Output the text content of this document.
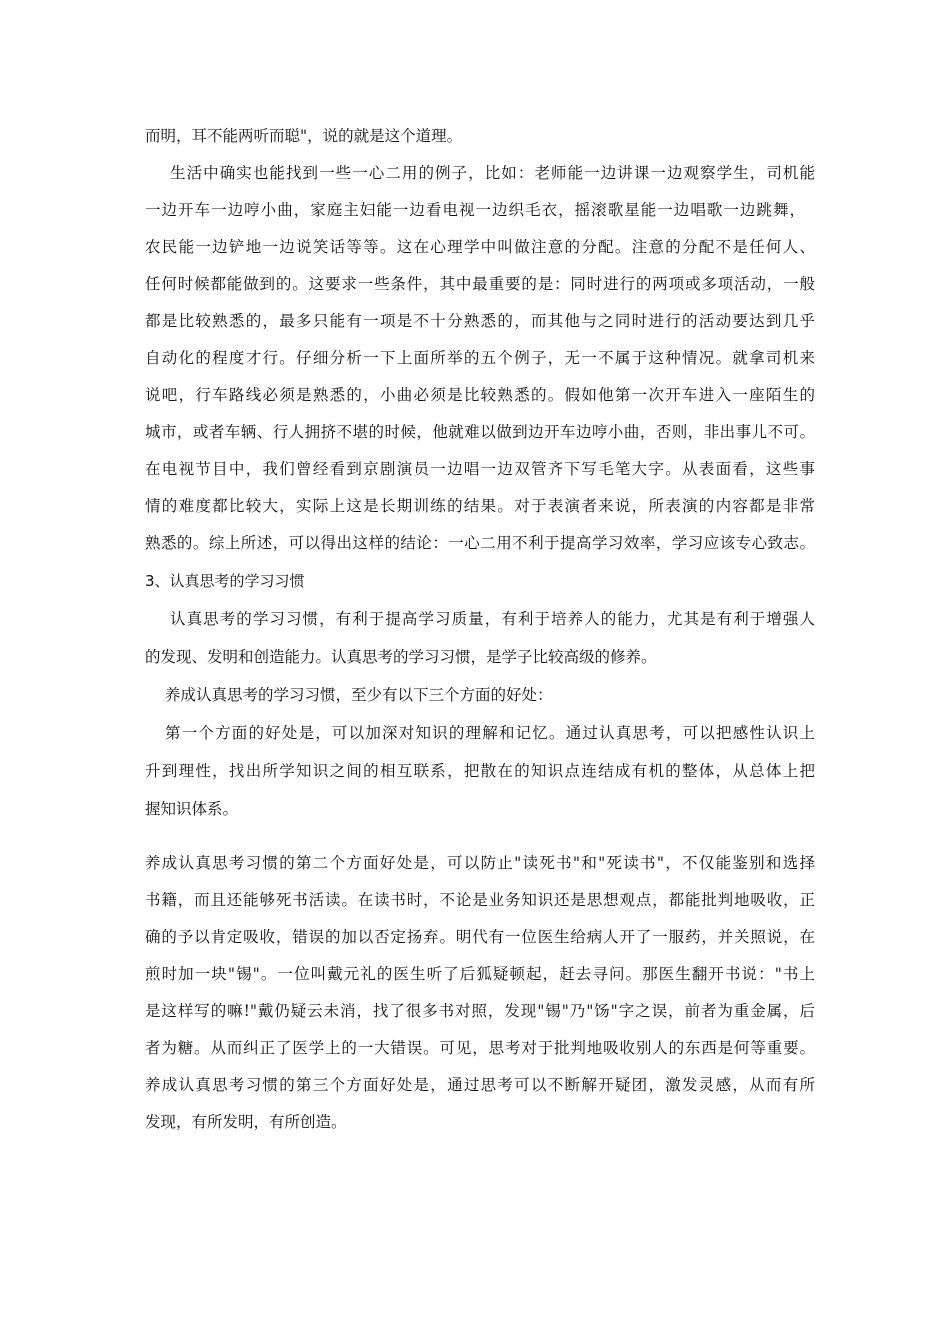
而明，耳不能两听而聪"，说的就是这个道理。
生活中确实也能找到一些一心二用的例子，比如：老师能一边讲课一边观察学生，司机能
一边开车一边哼小曲，家庭主妇能一边看电视一边织毛衣，摇滚歌星能一边唱歌一边跳舞，
农民能一边铲地一边说笑话等等。这在心理学中叫做注意的分配。注意的分配不是任何人、
任何时候都能做到的。这要求一些条件，其中最重要的是：同时进行的两项或多项活动，一般
都是比较熟悉的，最多只能有一项是不十分熟悉的，而其他与之同时进行的活动要达到几乎
自动化的程度才行。仔细分析一下上面所举的五个例子，无一不属于这种情况。就拿司机来
说吧，行车路线必须是熟悉的，小曲必须是比较熟悉的。假如他第一次开车进入一座陌生的
城市，或者车辆、行人拥挤不堪的时候，他就难以做到边开车边哼小曲，否则，非出事儿不可。
在电视节目中，我们曾经看到京剧演员一边唱一边双管齐下写毛笔大字。从表面看，这些事
情的难度都比较大，实际上这是长期训练的结果。对于表演者来说，所表演的内容都是非常
熟悉的。综上所述，可以得出这样的结论：一心二用不利于提高学习效率，学习应该专心致志。
3、认真思考的学习习惯
认真思考的学习习惯，有利于提高学习质量，有利于培养人的能力，尤其是有利于增强人
的发现、发明和创造能力。认真思考的学习习惯，是学子比较高级的修养。
养成认真思考的学习习惯，至少有以下三个方面的好处：
第一个方面的好处是，可以加深对知识的理解和记忆。通过认真思考，可以把感性认识上
升到理性，找出所学知识之间的相互联系，把散在的知识点连结成有机的整体，从总体上把
握知识体系。
养成认真思考习惯的第二个方面好处是，可以防止"读死书"和"死读书"，不仅能鉴别和选择
书籍，而且还能够死书活读。在读书时，不论是业务知识还是思想观点，都能批判地吸收，正
确的予以肯定吸收，错误的加以否定扬弃。明代有一位医生给病人开了一服药，并关照说，在
煎时加一块"锡"。一位叫戴元礼的医生听了后狐疑顿起，赶去寻问。那医生翻开书说："书上
是这样写的嘛!"戴仍疑云未消，找了很多书对照，发现"锡"乃"饧"字之误，前者为重金属，后
者为糖。从而纠正了医学上的一大错误。可见，思考对于批判地吸收别人的东西是何等重要。
养成认真思考习惯的第三个方面好处是，通过思考可以不断解开疑团，激发灵感，从而有所
发现，有所发明，有所创造。
